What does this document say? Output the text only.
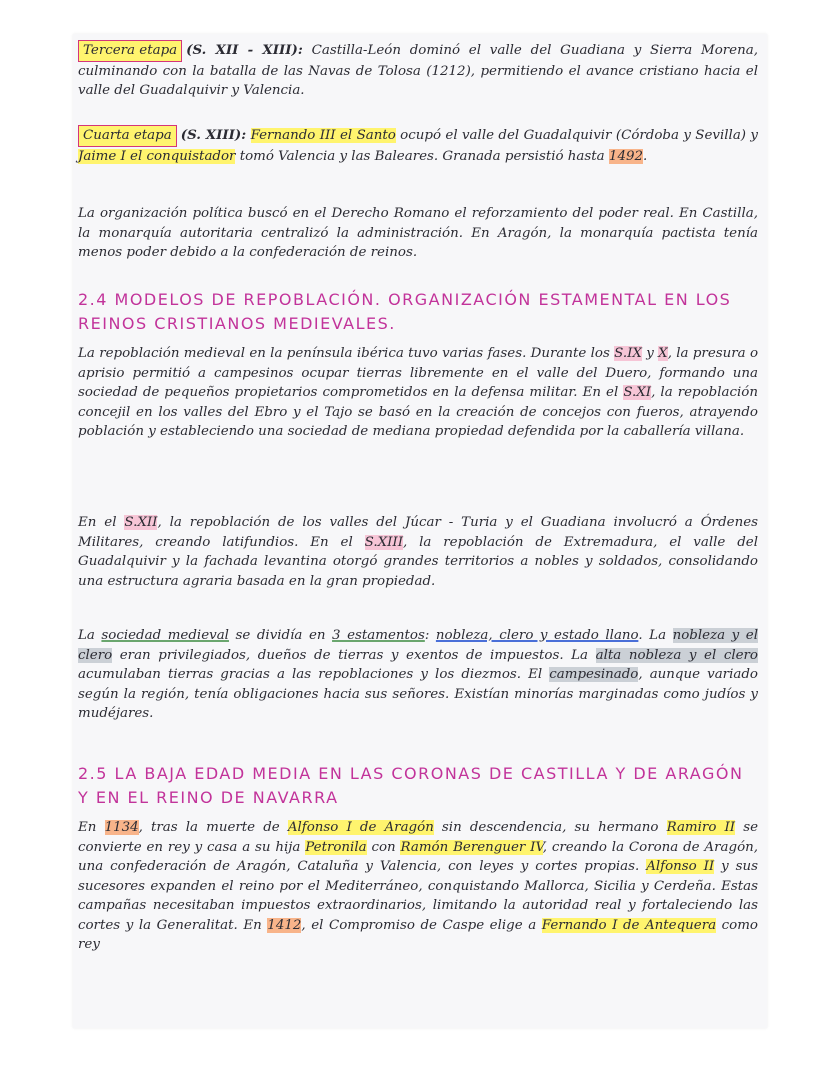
Tercera etapa (S. XII - XIII): Castilla-León dominó el valle del Guadiana y Sierra Morena, culminando con la batalla de las Navas de Tolosa (1212), permitiendo el avance cristiano hacia el valle del Guadalquivir y Valencia.
Cuarta etapa (S. XIII): Fernando III el Santo ocupó el valle del Guadalquivir (Córdoba y Sevilla) y Jaime I el conquistador tomó Valencia y las Baleares. Granada persistió hasta 1492.
La organización política buscó en el Derecho Romano el reforzamiento del poder real. En Castilla, la monarquía autoritaria centralizó la administración. En Aragón, la monarquía pactista tenía menos poder debido a la confederación de reinos.
2.4 MODELOS DE REPOBLACIÓN. ORGANIZACIÓN ESTAMENTAL EN LOS REINOS CRISTIANOS MEDIEVALES.
La repoblación medieval en la península ibérica tuvo varias fases. Durante los S.IX y X, la presura o aprisio permitió a campesinos ocupar tierras libremente en el valle del Duero, formando una sociedad de pequeños propietarios comprometidos en la defensa militar. En el S.XI, la repoblación concejil en los valles del Ebro y el Tajo se basó en la creación de concejos con fueros, atrayendo población y estableciendo una sociedad de mediana propiedad defendida por la caballería villana.
En el S.XII, la repoblación de los valles del Júcar - Turia y el Guadiana involucró a Órdenes Militares, creando latifundios. En el S.XIII, la repoblación de Extremadura, el valle del Guadalquivir y la fachada levantina otorgó grandes territorios a nobles y soldados, consolidando una estructura agraria basada en la gran propiedad.
La sociedad medieval se dividía en 3 estamentos: nobleza, clero y estado llano. La nobleza y el clero eran privilegiados, dueños de tierras y exentos de impuestos. La alta nobleza y el clero acumulaban tierras gracias a las repoblaciones y los diezmos. El campesinado, aunque variado según la región, tenía obligaciones hacia sus señores. Existían minorías marginadas como judíos y mudéjares.
2.5 LA BAJA EDAD MEDIA EN LAS CORONAS DE CASTILLA Y DE ARAGÓN Y EN EL REINO DE NAVARRA
En 1134, tras la muerte de Alfonso I de Aragón sin descendencia, su hermano Ramiro II se convierte en rey y casa a su hija Petronila con Ramón Berenguer IV, creando la Corona de Aragón, una confederación de Aragón, Cataluña y Valencia, con leyes y cortes propias. Alfonso II y sus sucesores expanden el reino por el Mediterráneo, conquistando Mallorca, Sicilia y Cerdeña. Estas campañas necesitaban impuestos extraordinarios, limitando la autoridad real y fortaleciendo las cortes y la Generalitat. En 1412, el Compromiso de Caspe elige a Fernando I de Antequera como rey
